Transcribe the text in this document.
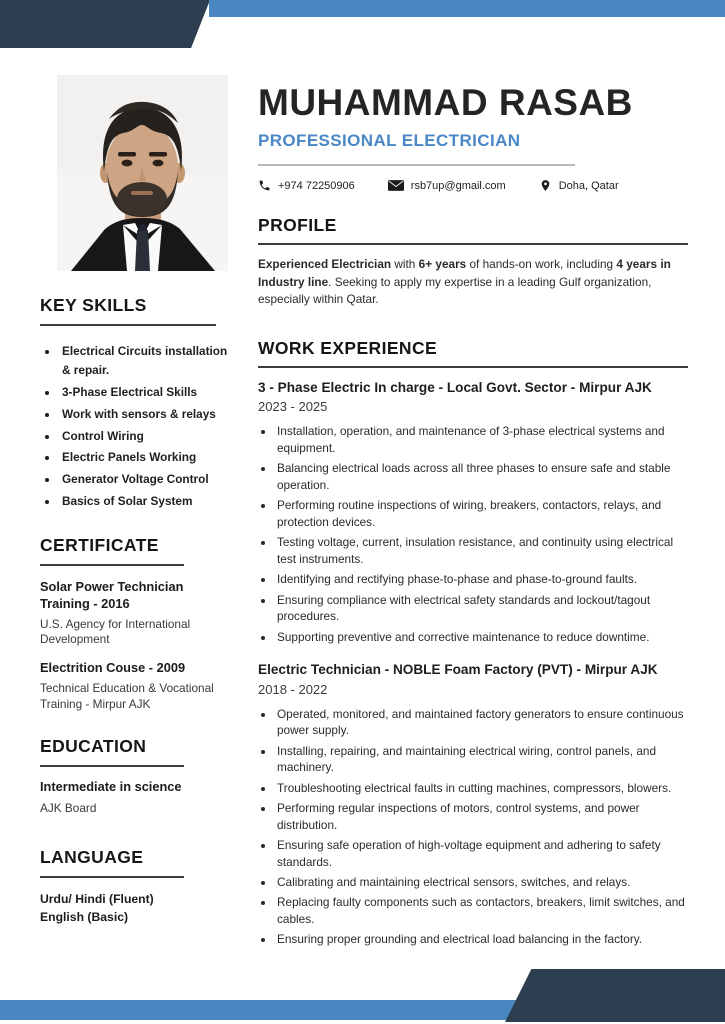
KEY SKILLS
• Electrical Circuits installation & repair.
• 3-Phase Electrical Skills
• Work with sensors & relays
• Control Wiring
• Electric Panels Working
• Generator Voltage Control
• Basics of Solar System
CERTIFICATE
Solar Power Technician Training - 2016
U.S. Agency for International Development
Electrition Couse - 2009
Technical Education & Vocational Training - Mirpur AJK
EDUCATION
Intermediate in science
AJK Board
LANGUAGE
Urdu/ Hindi (Fluent)
English (Basic)
MUHAMMAD RASAB
PROFESSIONAL ELECTRICIAN
+974 72250906	rsb7up@gmail.com	Doha, Qatar
PROFILE
Experienced Electrician with 6+ years of hands-on work, including 4 years in Industry line. Seeking to apply my expertise in a leading Gulf organization, especially within Qatar.
WORK EXPERIENCE
3 - Phase Electric In charge - Local Govt. Sector - Mirpur AJK
2023 - 2025
• Installation, operation, and maintenance of 3-phase electrical systems and equipment.
• Balancing electrical loads across all three phases to ensure safe and stable operation.
• Performing routine inspections of wiring, breakers, contactors, relays, and protection devices.
• Testing voltage, current, insulation resistance, and continuity using electrical test instruments.
• Identifying and rectifying phase-to-phase and phase-to-ground faults.
• Ensuring compliance with electrical safety standards and lockout/tagout procedures.
• Supporting preventive and corrective maintenance to reduce downtime.
Electric Technician - NOBLE Foam Factory (PVT) - Mirpur AJK
2018 - 2022
• Operated, monitored, and maintained factory generators to ensure continuous power supply.
• Installing, repairing, and maintaining electrical wiring, control panels, and machinery.
• Troubleshooting electrical faults in cutting machines, compressors, blowers.
• Performing regular inspections of motors, control systems, and power distribution.
• Ensuring safe operation of high-voltage equipment and adhering to safety standards.
• Calibrating and maintaining electrical sensors, switches, and relays.
• Replacing faulty components such as contactors, breakers, limit switches, and cables.
• Ensuring proper grounding and electrical load balancing in the factory.
